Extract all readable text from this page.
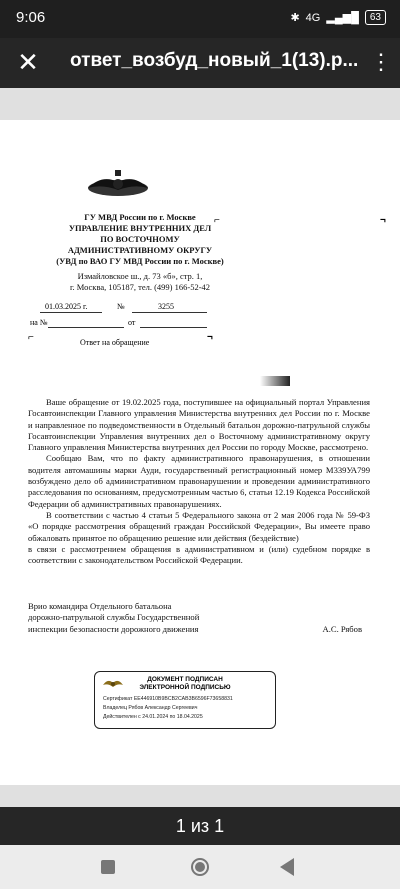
9:06	✱ 4G ▂▄▆█	63
✕ ответ_возбуд_новый_1(13).р... ⋮
ГУ МВД России по г. Москве
УПРАВЛЕНИЕ ВНУТРЕННИХ ДЕЛ
ПО ВОСТОЧНОМУ
АДМИНИСТРАТИВНОМУ ОКРУГУ
(УВД по ВАО ГУ МВД России по г. Москве)
Измайловское ш., д. 73 «б», стр. 1,
г. Москва, 105187, тел. (499) 166-52-42
⌐	¬
01.03.2025 г.	№	3255
на №	от
⌐	¬
Ответ на обращение

Ваше обращение от 19.02.2025 года, поступившее на официальный портал Управления Госавтоинспекции Главного управления Министерства внутренних дел России по г. Москве и направленное по подведомственности в Отдельный батальон дорожно-патрульной службы Госавтоинспекции Управления внутренних дел о Восточному административному округу Главного управления Министерства внутренних дел России по городу Москве, рассмотрено.

Сообщаю Вам, что по факту административного правонарушения, в отношении водителя автомашины марки Ауди, государственный регистрационный номер М339УА799 возбуждено дело об административном правонарушении и проведении административного расследования по основаниям, предусмотренным частью 6, статьи 12.19 Кодекса Российской Федерации об административных правонарушениях.

В соответствии с частью 4 статьи 5 Федерального закона от 2 мая 2006 года № 59-ФЗ «О порядке рассмотрения обращений граждан Российской Федерации», Вы имеете право обжаловать принятое по обращению решение или действия (бездействие)

в связи с рассмотрением обращения в административном и (или) судебном порядке в соответствии с законодательством Российской Федерации.

Врио командира Отдельного батальона
дорожно-патрульной службы Государственной
инспекции безопасности дорожного движения	А.С. Рябов
ДОКУМЕНТ ПОДПИСАН
ЭЛЕКТРОННОЙ ПОДПИСЬЮ
Сертификат EE446910B9BCB2CAB3B6596F73658831
Владелец Рябов Александр Сергеевич
Действителен с 24.01.2024 по 18.04.2025
1 из 1
